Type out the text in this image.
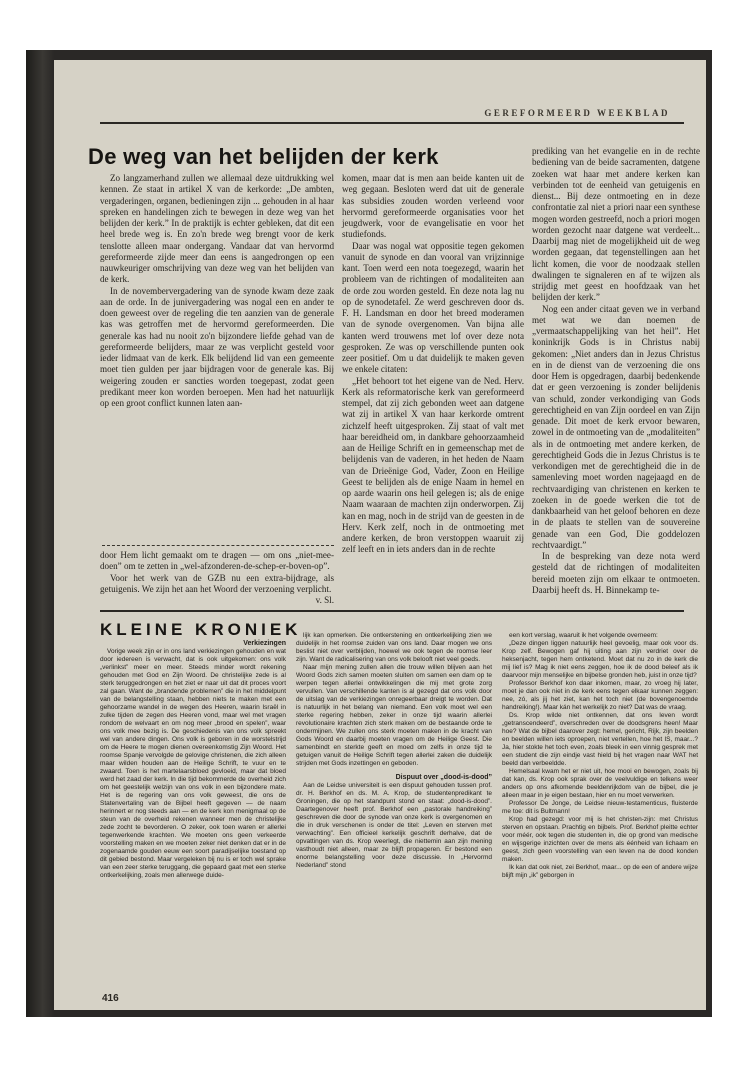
GEREFORMEERD WEEKBLAD
De weg van het belijden der kerk

Zo langzamerhand zullen we allemaal deze uitdrukking wel kennen. Ze staat in artikel X van de kerkorde: „De ambten, vergaderingen, organen, bedieningen zijn ... gehouden in al haar spreken en handelingen zich te bewegen in deze weg van het belijden der kerk.” In de praktijk is echter gebleken, dat dit een heel brede weg is. En zo'n brede weg brengt voor de kerk tenslotte alleen maar ondergang. Vandaar dat van hervormd gereformeerde zijde meer dan eens is aangedrongen op een nauwkeuriger omschrijving van deze weg van het belijden van de kerk.

In de novembervergadering van de synode kwam deze zaak aan de orde. In de junivergadering was nogal een en ander te doen geweest over de regeling die ten aanzien van de generale kas was getroffen met de hervormd gereformeerden. Die generale kas had nu nooit zo'n bijzondere liefde gehad van de gereformeerde belijders, maar ze was verplicht gesteld voor ieder lidmaat van de kerk. Elk belijdend lid van een gemeente moet tien gulden per jaar bijdragen voor de generale kas. Bij weigering zouden er sancties worden toegepast, zodat geen predikant meer kon worden beroepen. Men had het natuurlijk op een groot conflict kunnen laten aan-

door Hem licht gemaakt om te dragen — om ons „niet-mee-doen” om te zetten in „wel-afzonderen-de-schep-er-boven-op”.

Voor het werk van de GZB nu een extra-bijdrage, als getuigenis. We zijn het aan het Woord der verzoening verplicht.

v. Sl.

komen, maar dat is men aan beide kanten uit de weg gegaan. Besloten werd dat uit de generale kas subsidies zouden worden verleend voor hervormd gereformeerde organisaties voor het jeugdwerk, voor de evangelisatie en voor het studiefonds.

Daar was nogal wat oppositie tegen gekomen vanuit de synode en dan vooral van vrijzinnige kant. Toen werd een nota toegezegd, waarin het probleem van de richtingen of modaliteiten aan de orde zou worden gesteld. En deze nota lag nu op de synodetafel. Ze werd geschreven door ds. F. H. Landsman en door het breed moderamen van de synode overgenomen. Van bijna alle kanten werd trouwens met lof over deze nota gesproken. Ze was op verschillende punten ook zeer positief. Om u dat duidelijk te maken geven we enkele citaten:

„Het behoort tot het eigene van de Ned. Herv. Kerk als reformatorische kerk van gereformeerd stempel, dat zij zich gebonden weet aan datgene wat zij in artikel X van haar kerkorde omtrent zichzelf heeft uitgesproken. Zij staat of valt met haar bereidheid om, in dankbare gehoorzaamheid aan de Heilige Schrift en in gemeenschap met de belijdenis van de vaderen, in het heden de Naam van de Drieënige God, Vader, Zoon en Heilige Geest te belijden als de enige Naam in hemel en op aarde waarin ons heil gelegen is; als de enige Naam waaraan de machten zijn onderworpen. Zij kan en mag, noch in de strijd van de geesten in de Herv. Kerk zelf, noch in de ontmoeting met andere kerken, de bron verstoppen waaruit zij zelf leeft en in iets anders dan in de rechte

prediking van het evangelie en in de rechte bediening van de beide sacramenten, datgene zoeken wat haar met andere kerken kan verbinden tot de eenheid van getuigenis en dienst... Bij deze ontmoeting en in deze confrontatie zal niet a priori naar een synthese mogen worden gestreefd, noch a priori mogen worden gezocht naar datgene wat verdeelt... Daarbij mag niet de mogelijkheid uit de weg worden gegaan, dat tegenstellingen aan het licht komen, die voor de noodzaak stellen dwalingen te signaleren en af te wijzen als strijdig met geest en hoofdzaak van het belijden der kerk.”

Nog een ander citaat geven we in verband met wat we dan noemen de „vermaatschappelijking van het heil”. Het koninkrijk Gods is in Christus nabij gekomen: „Niet anders dan in Jezus Christus en in de dienst van de verzoening die ons door Hem is opgedragen, daarbij bedenkende dat er geen verzoening is zonder belijdenis van schuld, zonder verkondiging van Gods gerechtigheid en van Zijn oordeel en van Zijn genade. Dit moet de kerk ervoor bewaren, zowel in de ontmoeting van de „modaliteiten” als in de ontmoeting met andere kerken, de gerechtigheid Gods die in Jezus Christus is te verkondigen met de gerechtigheid die in de samenleving moet worden nagejaagd en de rechtvaardiging van christenen en kerken te zoeken in de goede werken die tot de dankbaarheid van het geloof behoren en deze in de plaats te stellen van de souvereine genade van een God, Die goddelozen rechtvaardigt.”

In de bespreking van deze nota werd gesteld dat de richtingen of modaliteiten bereid moeten zijn om elkaar te ontmoeten. Daarbij heeft ds. H. Binnekamp te-

KLEINE KRONIEK

Verkiezingen

Vorige week zijn er in ons land verkiezingen gehouden en wat door iedereen is verwacht, dat is ook uitgekomen: ons volk „verlinkst” meer en meer. Steeds minder wordt rekening gehouden met God en Zijn Woord. De christelijke zede is al sterk teruggedrongen en het ziet er naar uit dat dit proces voort zal gaan. Want de „brandende problemen” die in het middelpunt van de belangstelling staan, hebben niets te maken met een gehoorzame wandel in de wegen des Heeren, waarin Israël in zulke tijden de zegen des Heeren vond, maar wel met vragen rondom de welvaart en om nog meer „brood en spelen”, waar ons volk mee bezig is. De geschiedenis van ons volk spreekt wel van andere dingen. Ons volk is geboren in de worstelstrijd om de Heere te mogen dienen overeenkomstig Zijn Woord. Het roomse Spanje vervolgde de gelovige christenen, die zich alleen maar wilden houden aan de Heilige Schrift, te vuur en te zwaard. Toen is het martelaarsbloed gevloeid, maar dat bloed werd het zaad der kerk. In die tijd bekommerde de overheid zich om het geestelijk welzijn van ons volk in een bijzondere mate. Het is de regering van ons volk geweest, die ons de Statenvertaling van de Bijbel heeft gegeven — de naam herinnert er nog steeds aan — en de kerk kon menigmaal op de steun van de overheid rekenen wanneer men de christelijke zede zocht te bevorderen. O zeker, ook toen waren er allerlei tegenwerkende krachten. We moeten ons geen verkeerde voorstelling maken en we moeten zeker niet denken dat er in de zogenaamde gouden eeuw een soort paradijselijke toestand op dit gebied bestond. Maar vergeleken bij nu is er toch wel sprake van een zeer sterke teruggang, die gepaard gaat met een sterke ontkerkelijking, zoals men allerwege duide-

lijk kan opmerken. Die ontkerstening en ontkerkelijking zien we duidelijk in het roomse zuiden van ons land. Daar mogen we ons beslist niet over verblijden, hoewel we ook tegen de roomse leer zijn. Want de radicalisering van ons volk belooft niet veel goeds.

Naar mijn mening zullen allen die trouw willen blijven aan het Woord Gods zich samen moeten sluiten om samen een dam op te werpen tegen allerlei ontwikkelingen die mij met grote zorg vervullen. Van verschillende kanten is al gezegd dat ons volk door de uitslag van de verkiezingen onregeerbaar dreigt te worden. Dat is natuurlijk in het belang van niemand. Een volk moet wel een sterke regering hebben, zeker in onze tijd waarin allerlei revolutionaire krachten zich sterk maken om de bestaande orde te ondermijnen. We zullen ons sterk moeten maken in de kracht van Gods Woord en daarbij moeten vragen om de Heilige Geest. Die samenbindt en sterkte geeft en moed om zelfs in onze tijd te getuigen vanuit de Heilige Schrift tegen allerlei zaken die duidelijk strijden met Gods inzettingen en geboden.

Dispuut over „dood-is-dood”

Aan de Leidse universiteit is een dispuut gehouden tussen prof. dr. H. Berkhof en ds. M. A. Krop, de studentenpredikant te Groningen, die op het standpunt stond en staat: „dood-is-dood”. Daartegenover heeft prof. Berkhof een „pastorale handreiking” geschreven die door de synode van onze kerk is overgenomen en die in druk verschenen is onder de titel: „Leven en sterven met verwachting”. Een officieel kerkelijk geschrift derhalve, dat de opvattingen van ds. Krop weerlegt, die niettemin aan zijn mening vasthoudt niet alleen, maar ze blijft propageren. Er bestond een enorme belangstelling voor deze discussie. In „Hervormd Nederland” stond

een kort verslag, waaruit ik het volgende overneem:

„Deze dingen liggen natuurlijk heel gevoelig, maar ook voor ds. Krop zelf. Bewogen gaf hij uiting aan zijn verdriet over de heksenjacht, tegen hem ontketend. Moet dat nu zo in de kerk die mij lief is? Mag ik niet eens zeggen, hoe ik de dood beleef als ik daarvoor mijn menselijke en bijbelse gronden heb, juist in onze tijd?

Professor Berkhof kon daar inkomen, maar, zo vroeg hij later, moet je dan ook niet in de kerk eens tegen elkaar kunnen zeggen: nee, zó, als jij het ziet, kan het toch niet (de bovengenoemde handreiking!). Maar kán het werkelijk zo niet? Dat was de vraag.

Ds. Krop wilde niet ontkennen, dat ons leven wordt „getranscendeerd”, overschreden over de doodsgrens heen! Maar hoe? Wat de bijbel daarover zegt: hemel, gericht, Rijk, zijn beelden en beelden willen iets oproepen, niet vertellen, hoe het IS, maar...? Ja, hier stokte het toch even, zoals bleek in een vinnig gesprek met een student die zijn eindje vast hield bij het vragen naar WAT het beeld dan verbeeldde.

Hemelsaal kwam het er niet uit, hoe mooi en bewogen, zoals bij dat kan, ds. Krop ook sprak over de veelvuldige en telkens weer anders op ons afkomende beeldenrijkdom van de bijbel, die je alleen maar in je eigen bestaan, hier en nu moet verwerken.

Professor De Jonge, de Leidse nieuw-testamenticus, fluisterde me toe: dit is Bultmann!

Krop had gezegd: voor mij is het christen-zijn: met Christus sterven en opstaan. Prachtig en bijbels. Prof. Berkhof pleitte echter voor méér, ook tegen die studenten in, die op grond van medische en wijsgerige inzichten over de mens als éénheid van lichaam en geest, zich geen voorstelling van een leven na de dood konden maken.

Ik kan dat ook niet, zei Berkhof, maar... op de een of andere wijze blijft mijn „ik” geborgen in

416
